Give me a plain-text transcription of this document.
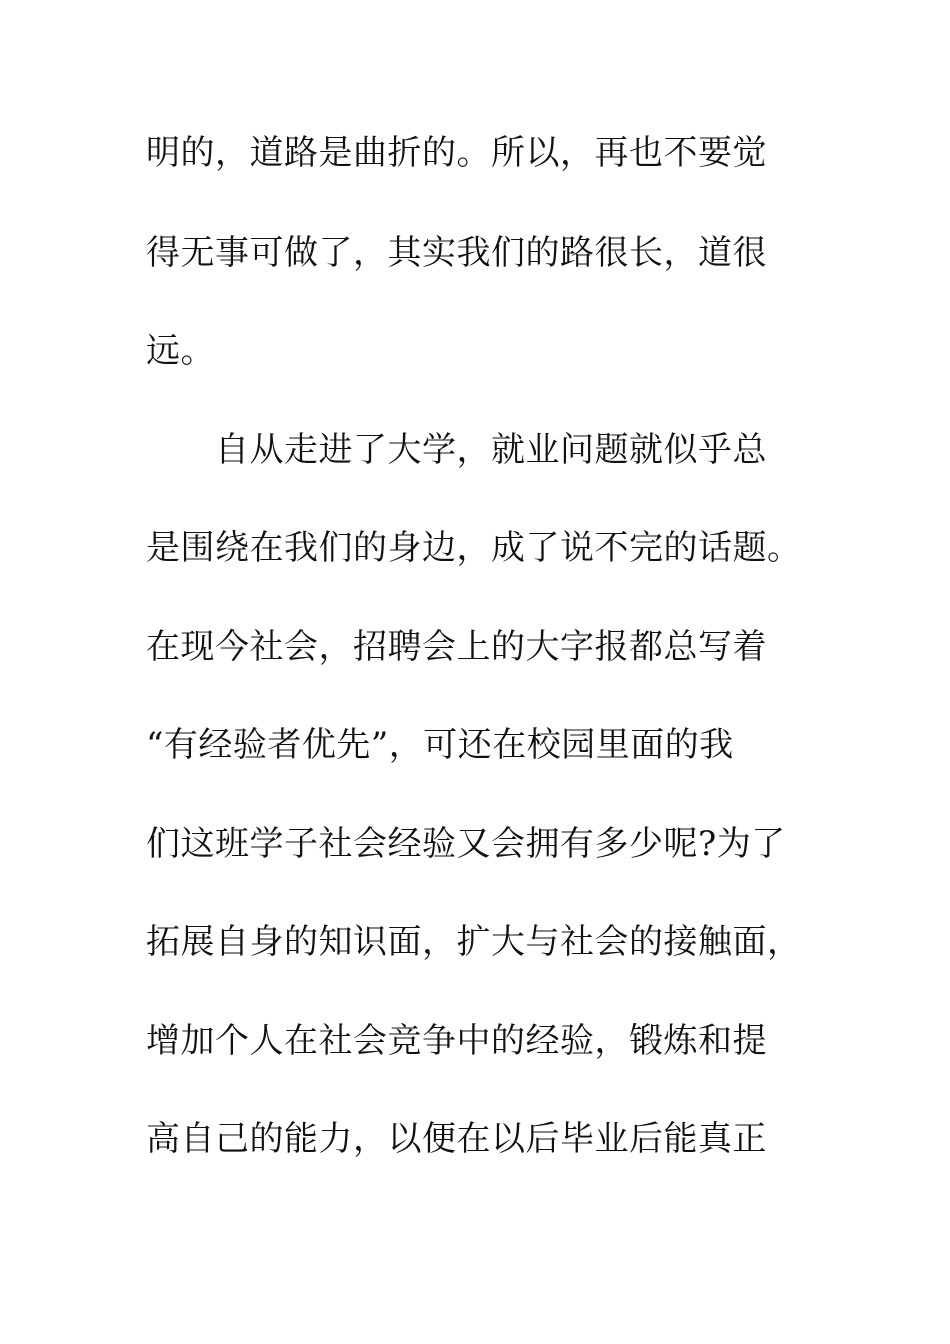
明的，道路是曲折的。所以，再也不要觉
得无事可做了，其实我们的路很长，道很
远。
　　自从走进了大学，就业问题就似乎总
是围绕在我们的身边，成了说不完的话题。
在现今社会，招聘会上的大字报都总写着
“有经验者优先”，可还在校园里面的我
们这班学子社会经验又会拥有多少呢?为了
拓展自身的知识面，扩大与社会的接触面，
增加个人在社会竞争中的经验，锻炼和提
高自己的能力，以便在以后毕业后能真正
